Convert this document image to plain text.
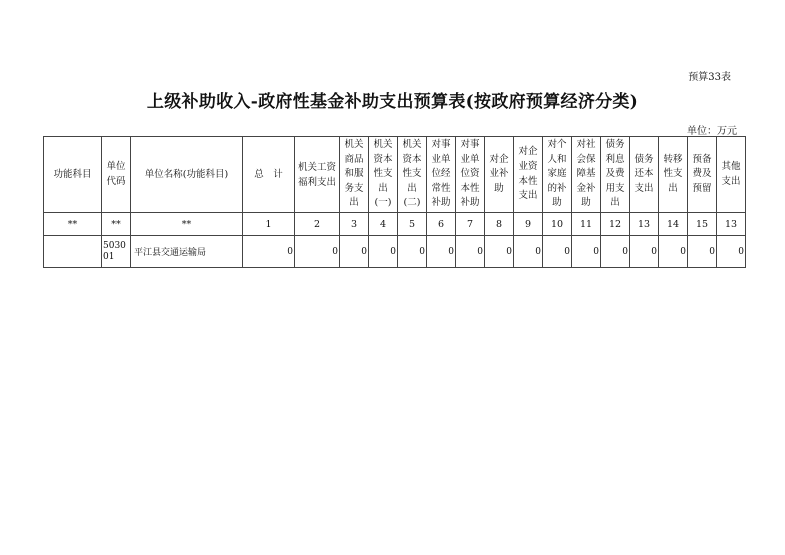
预算33表
上级补助收入-政府性基金补助支出预算表(按政府预算经济分类)
单位：万元
功能科目	单位代码	单位名称(功能科目)	总　计	机关工资福利支出	机关商品和服务支出	机关资本性支出(一)	机关资本性支出(二)	对事业单位经常性补助	对事业单位资本性补助	对企业补助	对企业资本性支出	对个人和家庭的补助	对社会保障基金补助	债务利息及费用支出	债务还本支出	转移性支出	预备费及预留	其他支出
**	**	**	1	2	3	4	5	6	7	8	9	10	11	12	13	14	15	13
	503001	平江县交通运输局	0	0	0	0	0	0	0	0	0	0	0	0	0	0	0	0
